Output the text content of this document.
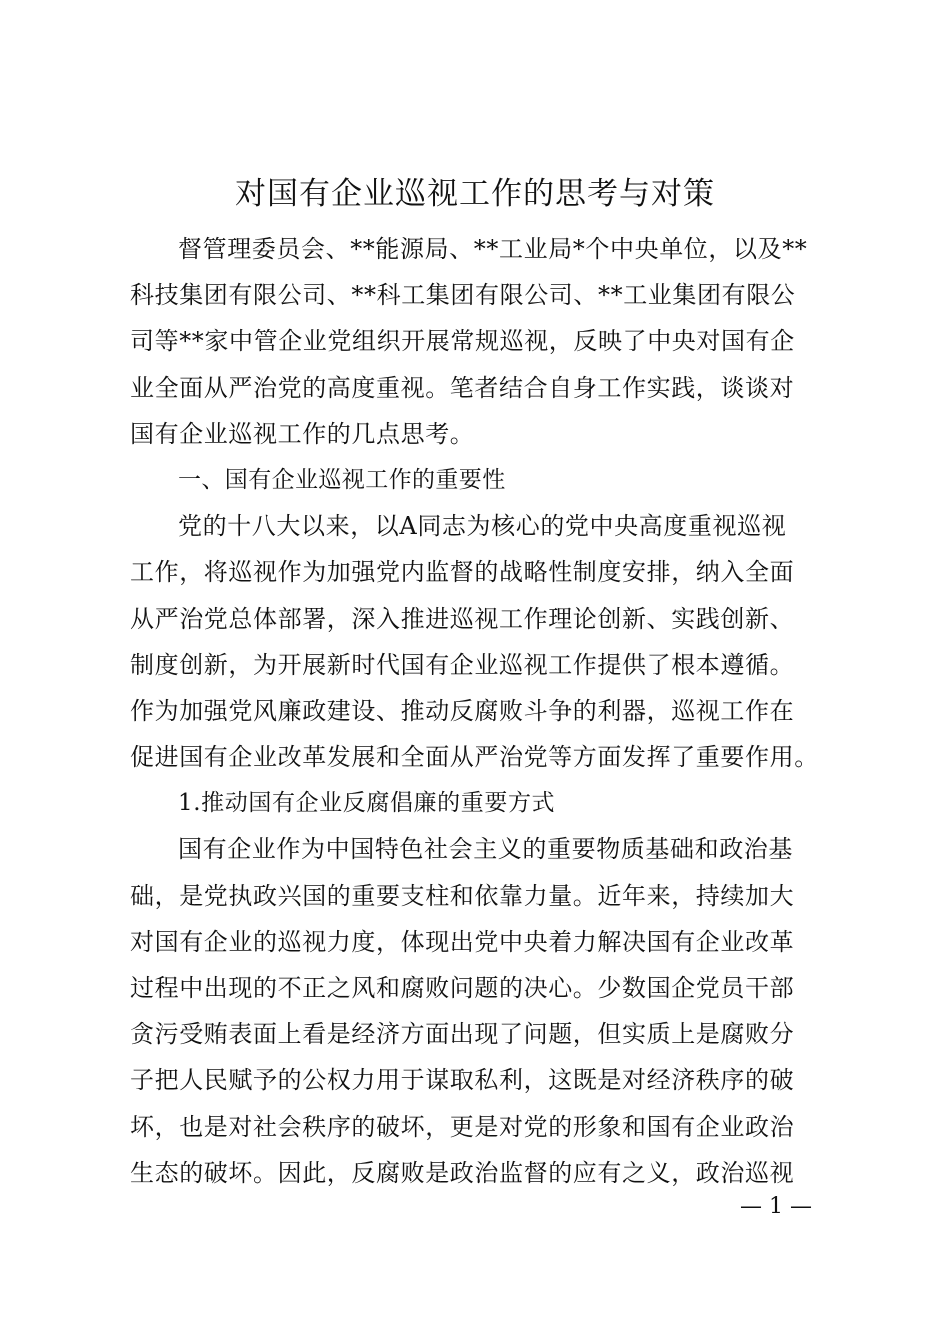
对国有企业巡视工作的思考与对策
督管理委员会、**能源局、**工业局*个中央单位，以及**
科技集团有限公司、**科工集团有限公司、**工业集团有限公
司等**家中管企业党组织开展常规巡视，反映了中央对国有企
业全面从严治党的高度重视。笔者结合自身工作实践，谈谈对
国有企业巡视工作的几点思考。
一、国有企业巡视工作的重要性
党的十八大以来，以A同志为核心的党中央高度重视巡视
工作，将巡视作为加强党内监督的战略性制度安排，纳入全面
从严治党总体部署，深入推进巡视工作理论创新、实践创新、
制度创新，为开展新时代国有企业巡视工作提供了根本遵循。
作为加强党风廉政建设、推动反腐败斗争的利器，巡视工作在
促进国有企业改革发展和全面从严治党等方面发挥了重要作用。
1.推动国有企业反腐倡廉的重要方式
国有企业作为中国特色社会主义的重要物质基础和政治基
础，是党执政兴国的重要支柱和依靠力量。近年来，持续加大
对国有企业的巡视力度，体现出党中央着力解决国有企业改革
过程中出现的不正之风和腐败问题的决心。少数国企党员干部
贪污受贿表面上看是经济方面出现了问题，但实质上是腐败分
子把人民赋予的公权力用于谋取私利，这既是对经济秩序的破
坏，也是对社会秩序的破坏，更是对党的形象和国有企业政治
生态的破坏。因此，反腐败是政治监督的应有之义，政治巡视
— 1 —
